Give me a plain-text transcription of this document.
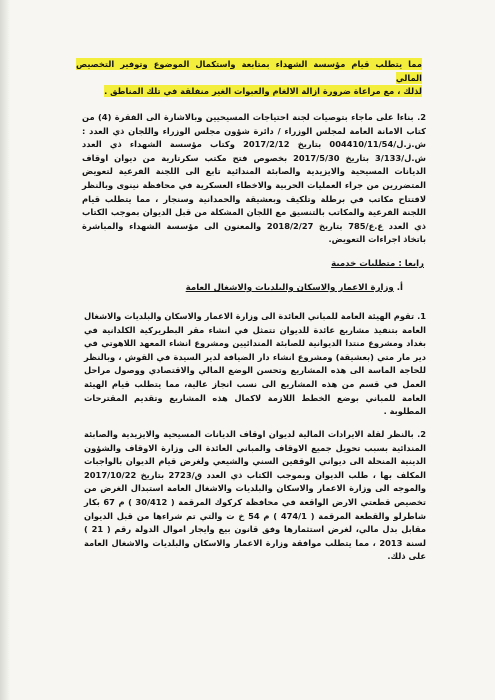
مما يتطلب قيام مؤسسة الشهداء بمتابعة واستكمال الموضوع وتوفير التخصيص المالي

لذلك ، مع مراعاة ضرورة ازالة الالغام والعبوات الغير منفلقة في تلك المناطق .

2. بناءا على ماجاء بتوصيات لجنة احتياجات المسيحيين وبالاشارة الى الفقرة (4) من كتاب الامانة العامة لمجلس الوزراء / دائرة شؤون مجلس الوزراء واللجان ذي العدد : ش.ز.ل/004410/11/54 بتاريخ 2017/2/12 وكتاب مؤسسة الشهداء ذي العدد ش.ل/3/133 بتاريخ 2017/5/30 بخصوص فتح مكتب سكرتارية من ديوان اوقاف الديانات المسيحية والايزيدية والصابئة المندائية تابع الى اللجنة الفرعية لتعويض المتضررين من جراء العمليات الحربية والاخطاء العسكرية في محافظة نينوى وبالنظر لافتتاح مكاتب في برطلة وتلكيف وبعشيقة والحمدانية وسنجار ، مما يتطلب قيام اللجنة الفرعية والمكاتب بالتنسيق مع اللجان المشكلة من قبل الديوان بموجب الكتاب ذي العدد ع.ع/785 بتاريخ 2018/2/27 والمعنون الى مؤسسة الشهداء والمباشرة باتخاذ اجراءات التعويض.

رابعا : متطلبات خدمية
أ. وزارة الاعمار والاسكان والبلديات والاشغال العامة

1. تقوم الهيئة العامة للمباني العائدة الى وزارة الاعمار والاسكان والبلديات والاشغال العامة بتنفيذ مشاريع عائدة للديوان تتمثل في انشاء مقر البطريركية الكلدانية في بغداد ومشروع منتدا الديوانية للصابئة المندائيين ومشروع انشاء المعهد اللاهوتي في دير مار متي (بعشيقة) ومشروع انشاء دار الضيافة لدير السيدة في القوش ، وبالنظر للحاجة الماسة الى هذه المشاريع وتحسن الوضع المالي والاقتصادي ووصول مراحل العمل في قسم من هذه المشاريع الى نسب انجاز عالية، مما يتطلب قيام الهيئة العامة للمباني بوضع الخطط اللازمة لاكمال هذه المشاريع وتقديم المقترحات المطلوبة .

2. بالنظر لقلة الايرادات المالية لديوان اوقاف الديانات المسيحية والايزيدية والصابئة المندائية بسبب تحويل جميع الاوقاف والمباني العائدة الى وزارة الاوقاف والشؤون الدينية المنحلة الى ديواني الوقفين السني والشيعي ولغرض قيام الديوان بالواجبات المكلف بها ، طلب الديوان وبموجب الكتاب ذي العدد ق/2723 بتاريخ 2017/10/22 والموجه الى وزارة الاعمار والاسكان والبلديات والاشغال العامة استبدال الغرض من تخصيص قطعتي الارض الواقعة في محافظة كركوك المرقمة ( 30/412 ) م 67 بكار شاطرلو والقطعة المرقمة ( 474/1 ) م 54 خ ت والتي تم شراءها من قبل الديوان مقابل بدل مالي، لغرض استثمارها وفق قانون بيع وايجار اموال الدولة رقم ( 21 ) لسنة 2013 ، مما يتطلب موافقة وزارة الاعمار والاسكان والبلديات والاشغال العامة على ذلك.
